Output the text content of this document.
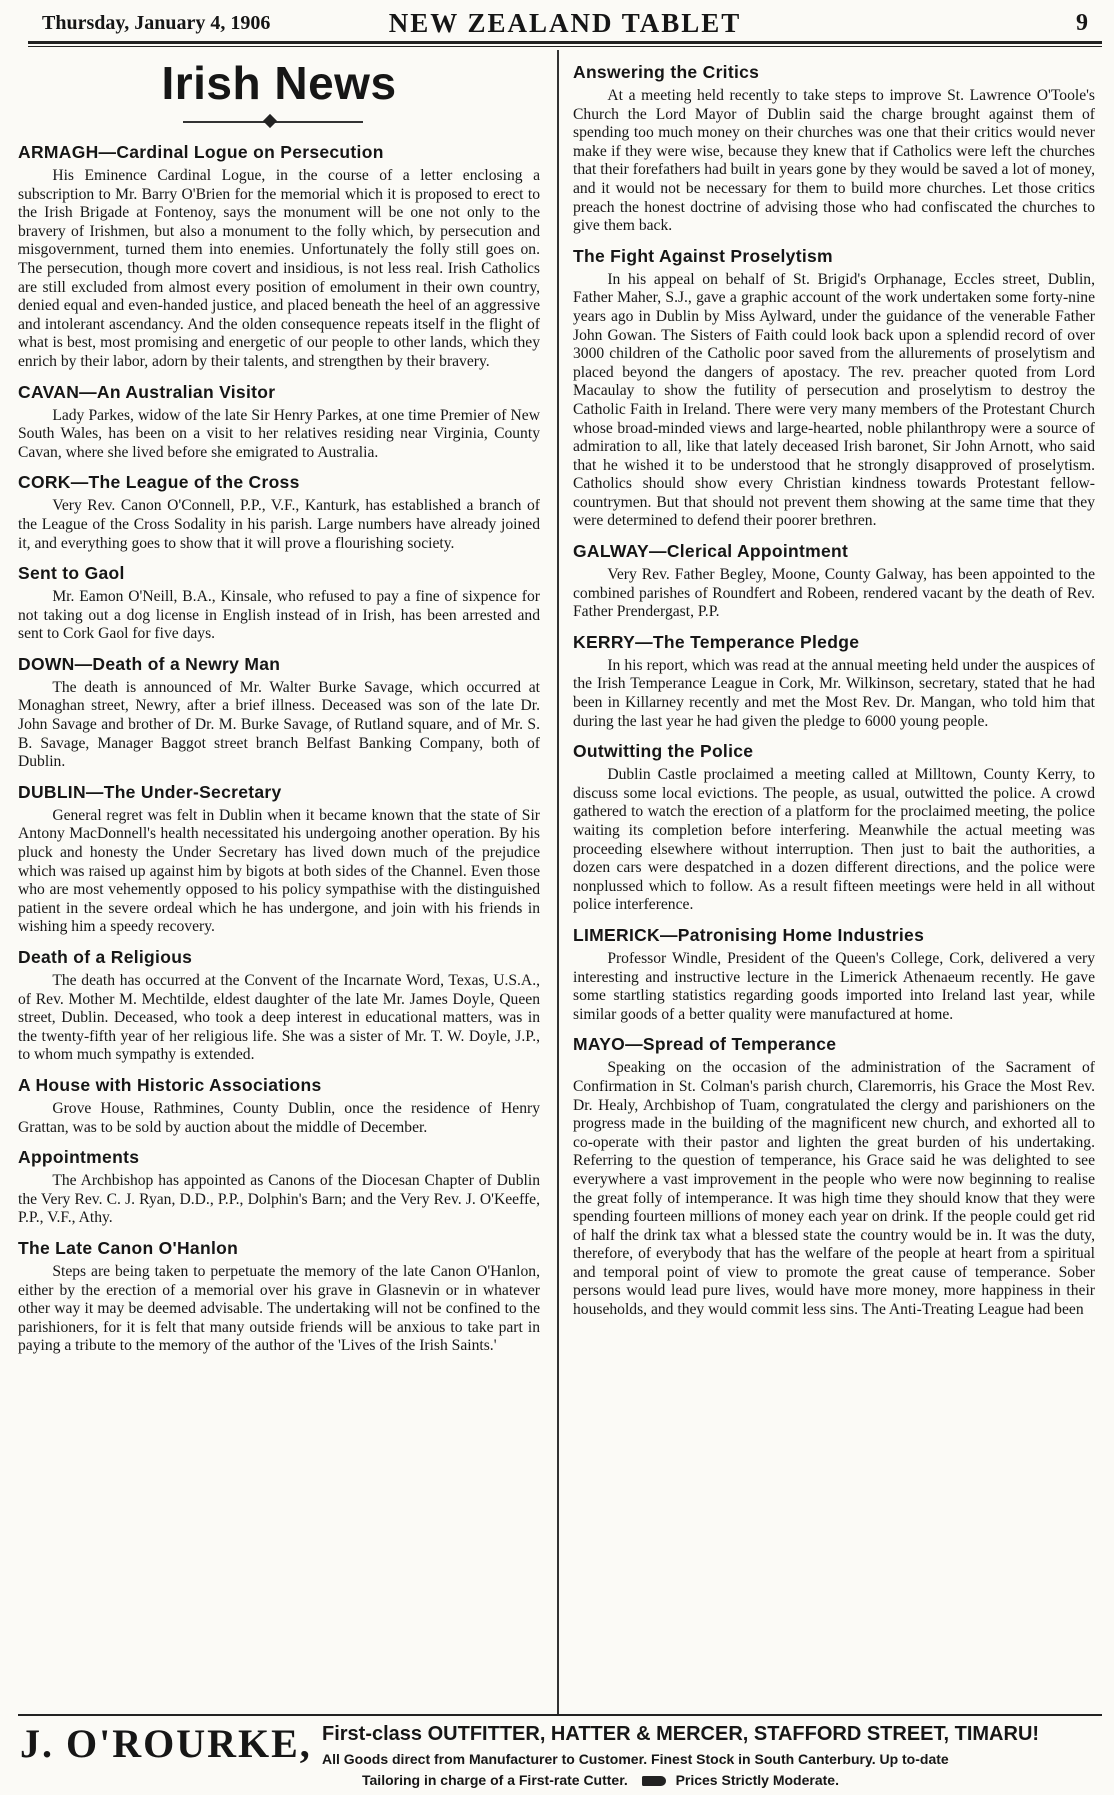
Thursday, January 4, 1906	NEW ZEALAND TABLET	9
Irish News
ARMAGH—Cardinal Logue on Persecution

His Eminence Cardinal Logue, in the course of a letter enclosing a subscription to Mr. Barry O'Brien for the memorial which it is proposed to erect to the Irish Brigade at Fontenoy, says the monument will be one not only to the bravery of Irishmen, but also a monument to the folly which, by persecution and misgovernment, turned them into enemies. Unfortunately the folly still goes on. The persecution, though more covert and insidious, is not less real. Irish Catholics are still excluded from almost every position of emolument in their own country, denied equal and even-handed justice, and placed beneath the heel of an aggressive and intolerant ascendancy. And the olden consequence repeats itself in the flight of what is best, most promising and energetic of our people to other lands, which they enrich by their labor, adorn by their talents, and strengthen by their bravery.

CAVAN—An Australian Visitor

Lady Parkes, widow of the late Sir Henry Parkes, at one time Premier of New South Wales, has been on a visit to her relatives residing near Virginia, County Cavan, where she lived before she emigrated to Australia.

CORK—The League of the Cross

Very Rev. Canon O'Connell, P.P., V.F., Kanturk, has established a branch of the League of the Cross Sodality in his parish. Large numbers have already joined it, and everything goes to show that it will prove a flourishing society.

Sent to Gaol

Mr. Eamon O'Neill, B.A., Kinsale, who refused to pay a fine of sixpence for not taking out a dog license in English instead of in Irish, has been arrested and sent to Cork Gaol for five days.

DOWN—Death of a Newry Man

The death is announced of Mr. Walter Burke Savage, which occurred at Monaghan street, Newry, after a brief illness. Deceased was son of the late Dr. John Savage and brother of Dr. M. Burke Savage, of Rutland square, and of Mr. S. B. Savage, Manager Baggot street branch Belfast Banking Company, both of Dublin.

DUBLIN—The Under-Secretary

General regret was felt in Dublin when it became known that the state of Sir Antony MacDonnell's health necessitated his undergoing another operation. By his pluck and honesty the Under Secretary has lived down much of the prejudice which was raised up against him by bigots at both sides of the Channel. Even those who are most vehemently opposed to his policy sympathise with the distinguished patient in the severe ordeal which he has undergone, and join with his friends in wishing him a speedy recovery.

Death of a Religious

The death has occurred at the Convent of the Incarnate Word, Texas, U.S.A., of Rev. Mother M. Mechtilde, eldest daughter of the late Mr. James Doyle, Queen street, Dublin. Deceased, who took a deep interest in educational matters, was in the twenty-fifth year of her religious life. She was a sister of Mr. T. W. Doyle, J.P., to whom much sympathy is extended.

A House with Historic Associations

Grove House, Rathmines, County Dublin, once the residence of Henry Grattan, was to be sold by auction about the middle of December.

Appointments

The Archbishop has appointed as Canons of the Diocesan Chapter of Dublin the Very Rev. C. J. Ryan, D.D., P.P., Dolphin's Barn; and the Very Rev. J. O'Keeffe, P.P., V.F., Athy.

The Late Canon O'Hanlon

Steps are being taken to perpetuate the memory of the late Canon O'Hanlon, either by the erection of a memorial over his grave in Glasnevin or in whatever other way it may be deemed advisable. The undertaking will not be confined to the parishioners, for it is felt that many outside friends will be anxious to take part in paying a tribute to the memory of the author of the 'Lives of the Irish Saints.'

Answering the Critics

At a meeting held recently to take steps to improve St. Lawrence O'Toole's Church the Lord Mayor of Dublin said the charge brought against them of spending too much money on their churches was one that their critics would never make if they were wise, because they knew that if Catholics were left the churches that their forefathers had built in years gone by they would be saved a lot of money, and it would not be necessary for them to build more churches. Let those critics preach the honest doctrine of advising those who had confiscated the churches to give them back.

The Fight Against Proselytism

In his appeal on behalf of St. Brigid's Orphanage, Eccles street, Dublin, Father Maher, S.J., gave a graphic account of the work undertaken some forty-nine years ago in Dublin by Miss Aylward, under the guidance of the venerable Father John Gowan. The Sisters of Faith could look back upon a splendid record of over 3000 children of the Catholic poor saved from the allurements of proselytism and placed beyond the dangers of apostacy. The rev. preacher quoted from Lord Macaulay to show the futility of persecution and proselytism to destroy the Catholic Faith in Ireland. There were very many members of the Protestant Church whose broad-minded views and large-hearted, noble philanthropy were a source of admiration to all, like that lately deceased Irish baronet, Sir John Arnott, who said that he wished it to be understood that he strongly disapproved of proselytism. Catholics should show every Christian kindness towards Protestant fellow-countrymen. But that should not prevent them showing at the same time that they were determined to defend their poorer brethren.

GALWAY—Clerical Appointment

Very Rev. Father Begley, Moone, County Galway, has been appointed to the combined parishes of Roundfert and Robeen, rendered vacant by the death of Rev. Father Prendergast, P.P.

KERRY—The Temperance Pledge

In his report, which was read at the annual meeting held under the auspices of the Irish Temperance League in Cork, Mr. Wilkinson, secretary, stated that he had been in Killarney recently and met the Most Rev. Dr. Mangan, who told him that during the last year he had given the pledge to 6000 young people.

Outwitting the Police

Dublin Castle proclaimed a meeting called at Milltown, County Kerry, to discuss some local evictions. The people, as usual, outwitted the police. A crowd gathered to watch the erection of a platform for the proclaimed meeting, the police waiting its completion before interfering. Meanwhile the actual meeting was proceeding elsewhere without interruption. Then just to bait the authorities, a dozen cars were despatched in a dozen different directions, and the police were nonplussed which to follow. As a result fifteen meetings were held in all without police interference.

LIMERICK—Patronising Home Industries

Professor Windle, President of the Queen's College, Cork, delivered a very interesting and instructive lecture in the Limerick Athenaeum recently. He gave some startling statistics regarding goods imported into Ireland last year, while similar goods of a better quality were manufactured at home.

MAYO—Spread of Temperance

Speaking on the occasion of the administration of the Sacrament of Confirmation in St. Colman's parish church, Claremorris, his Grace the Most Rev. Dr. Healy, Archbishop of Tuam, congratulated the clergy and parishioners on the progress made in the building of the magnificent new church, and exhorted all to co-operate with their pastor and lighten the great burden of his undertaking. Referring to the question of temperance, his Grace said he was delighted to see everywhere a vast improvement in the people who were now beginning to realise the great folly of intemperance. It was high time they should know that they were spending fourteen millions of money each year on drink. If the people could get rid of half the drink tax what a blessed state the country would be in. It was the duty, therefore, of everybody that has the welfare of the people at heart from a spiritual and temporal point of view to promote the great cause of temperance. Sober persons would lead pure lives, would have more money, more happiness in their households, and they would commit less sins. The Anti-Treating League had been

J. O'ROURKE, First-class OUTFITTER, HATTER & MERCER, STAFFORD STREET, TIMARU!
All Goods direct from Manufacturer to Customer. Finest Stock in South Canterbury. Up to-date
Tailoring in charge of a First-rate Cutter.	Prices Strictly Moderate.
